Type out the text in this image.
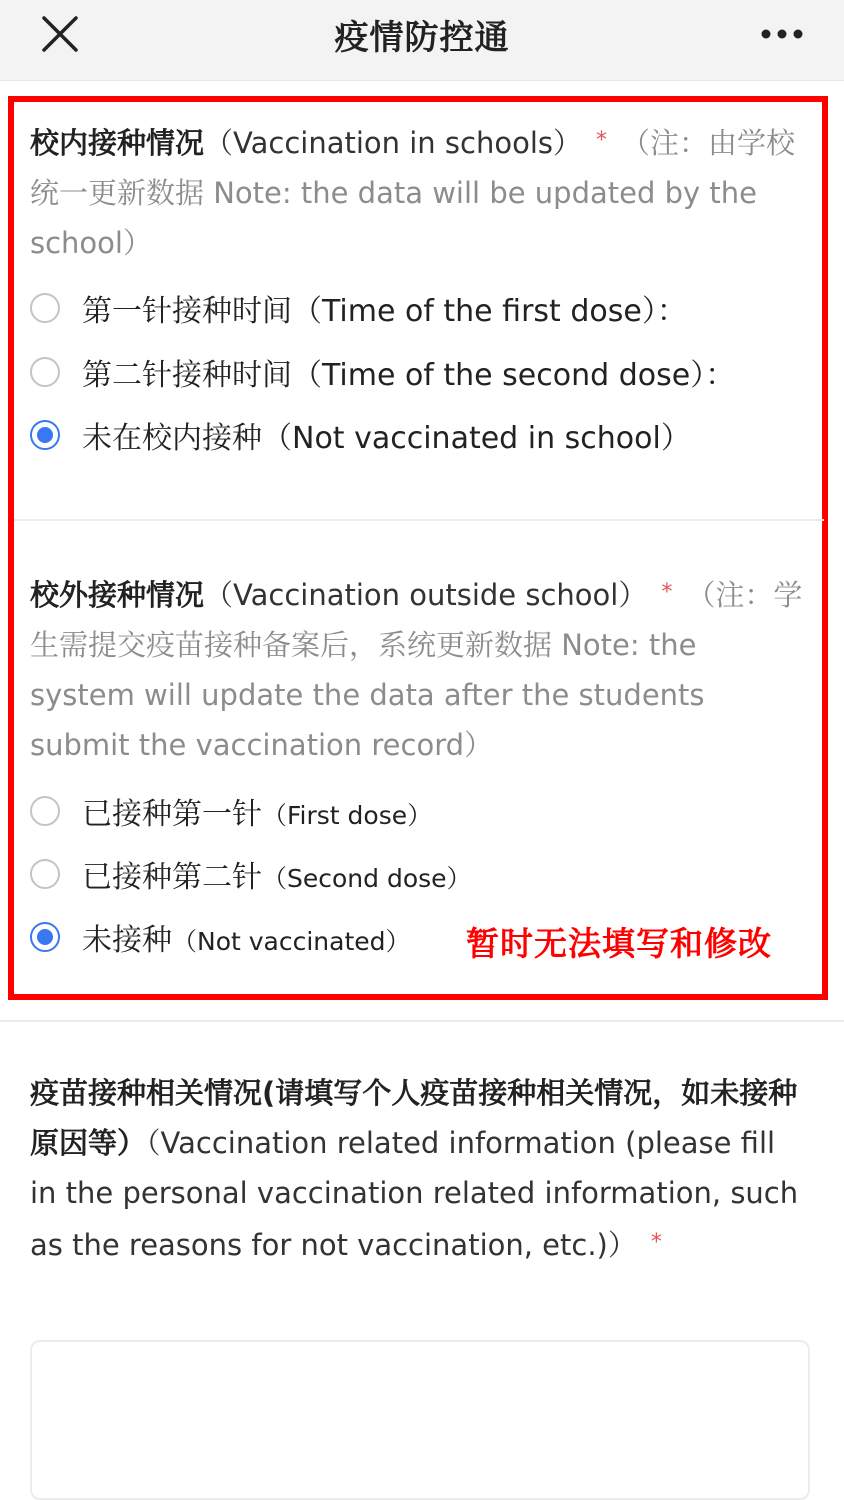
疫情防控通
校内接种情况（Vaccination in schools） * （注：由学校统一更新数据 Note: the data will be updated by the school）
第一针接种时间（Time of the first dose）：
第二针接种时间（Time of the second dose）：
未在校内接种（Not vaccinated in school）
校外接种情况（Vaccination outside school） * （注：学生需提交疫苗接种备案后，系统更新数据 Note: the system will update the data after the students submit the vaccination record）
已接种第一针（First dose）
已接种第二针（Second dose）
未接种（Not vaccinated） 暂时无法填写和修改
疫苗接种相关情况(请填写个人疫苗接种相关情况，如未接种原因等）（Vaccination related information (please fill in the personal vaccination related information, such as the reasons for not vaccination, etc.)） *
